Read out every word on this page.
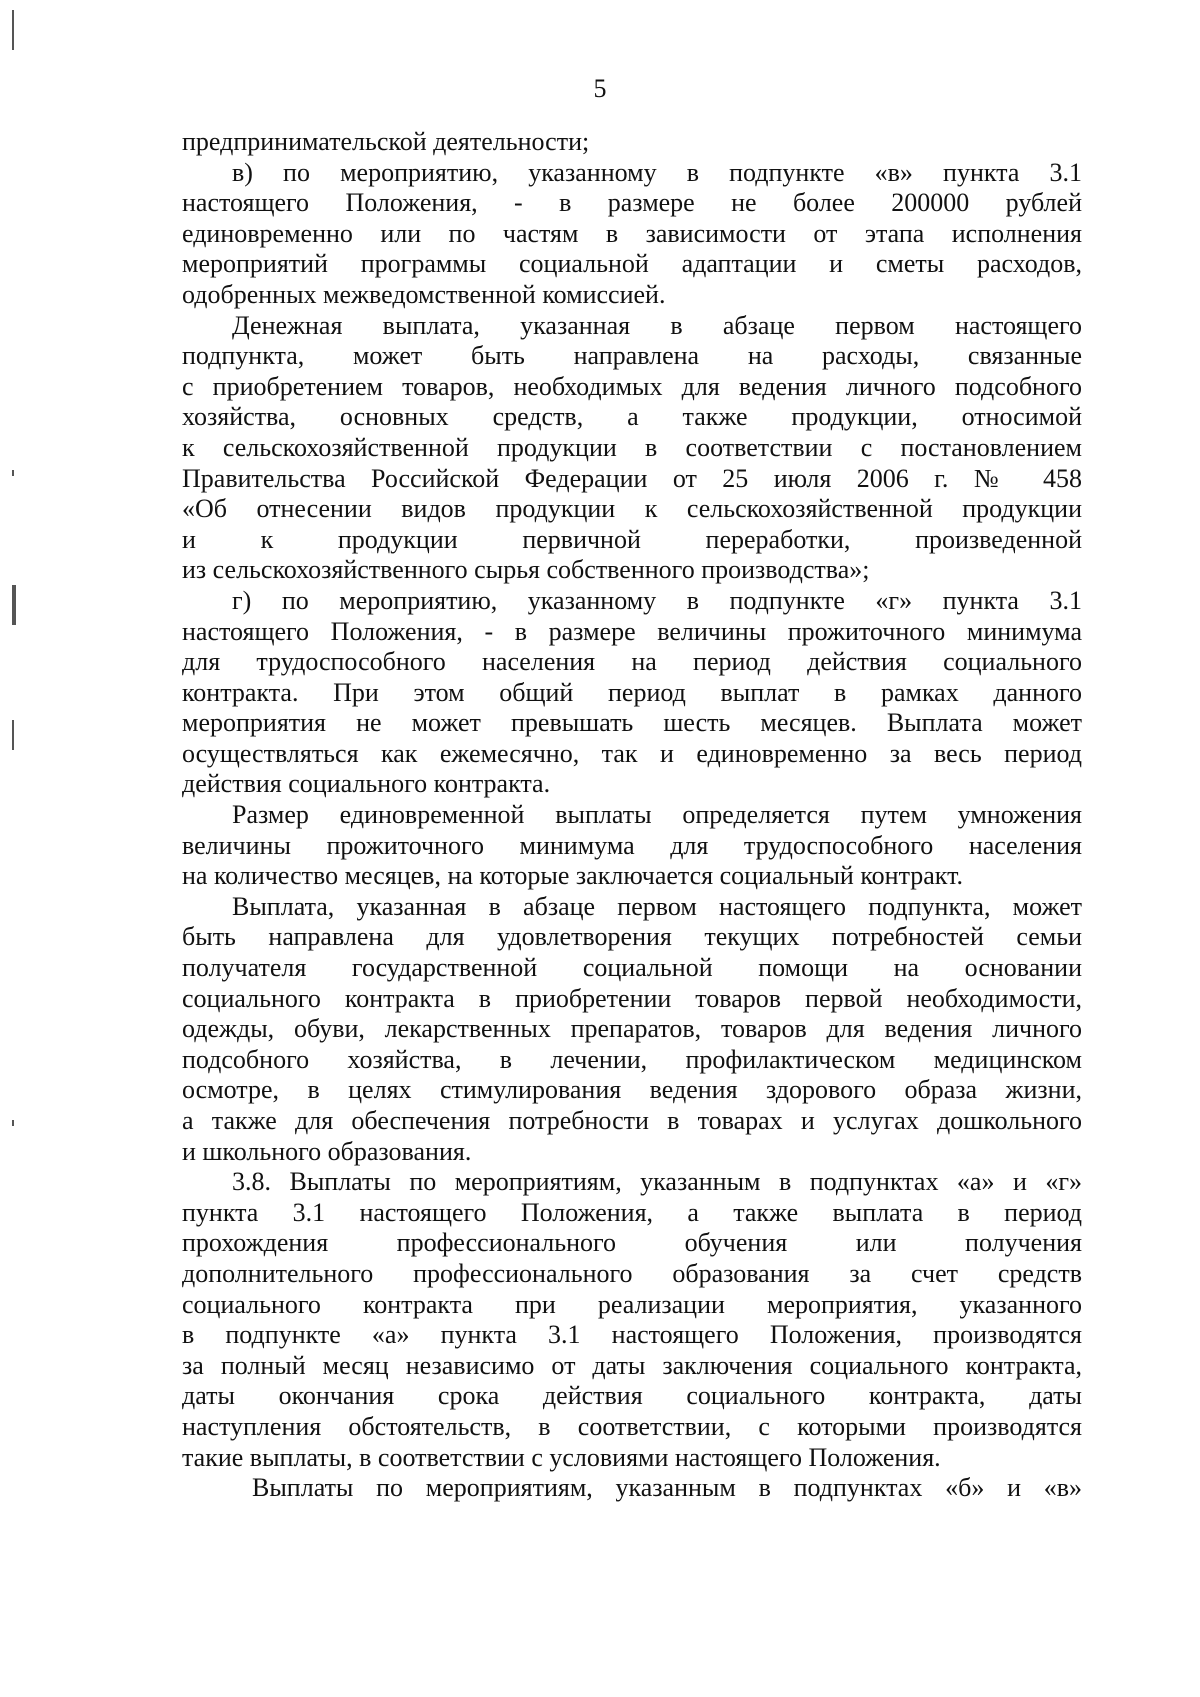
5
предпринимательской деятельности;
в) по мероприятию, указанному в подпункте «в» пункта 3.1
настоящего Положения, - в размере не более 200000 рублей
единовременно или по частям в зависимости от этапа исполнения
мероприятий программы социальной адаптации и сметы расходов,
одобренных межведомственной комиссией.
Денежная выплата, указанная в абзаце первом настоящего
подпункта, может быть направлена на расходы, связанные
с приобретением товаров, необходимых для ведения личного подсобного
хозяйства, основных средств, а также продукции, относимой
к сельскохозяйственной продукции в соответствии с постановлением
Правительства Российской Федерации от 25 июля 2006 г. № 458
«Об отнесении видов продукции к сельскохозяйственной продукции
и к продукции первичной переработки, произведенной
из сельскохозяйственного сырья собственного производства»;
г) по мероприятию, указанному в подпункте «г» пункта 3.1
настоящего Положения, - в размере величины прожиточного минимума
для трудоспособного населения на период действия социального
контракта. При этом общий период выплат в рамках данного
мероприятия не может превышать шесть месяцев. Выплата может
осуществляться как ежемесячно, так и единовременно за весь период
действия социального контракта.
Размер единовременной выплаты определяется путем умножения
величины прожиточного минимума для трудоспособного населения
на количество месяцев, на которые заключается социальный контракт.
Выплата, указанная в абзаце первом настоящего подпункта, может
быть направлена для удовлетворения текущих потребностей семьи
получателя государственной социальной помощи на основании
социального контракта в приобретении товаров первой необходимости,
одежды, обуви, лекарственных препаратов, товаров для ведения личного
подсобного хозяйства, в лечении, профилактическом медицинском
осмотре, в целях стимулирования ведения здорового образа жизни,
а также для обеспечения потребности в товарах и услугах дошкольного
и школьного образования.
3.8. Выплаты по мероприятиям, указанным в подпунктах «а» и «г»
пункта 3.1 настоящего Положения, а также выплата в период
прохождения профессионального обучения или получения
дополнительного профессионального образования за счет средств
социального контракта при реализации мероприятия, указанного
в подпункте «а» пункта 3.1 настоящего Положения, производятся
за полный месяц независимо от даты заключения социального контракта,
даты окончания срока действия социального контракта, даты
наступления обстоятельств, в соответствии, с которыми производятся
такие выплаты, в соответствии с условиями настоящего Положения.
Выплаты по мероприятиям, указанным в подпунктах «б» и «в»
